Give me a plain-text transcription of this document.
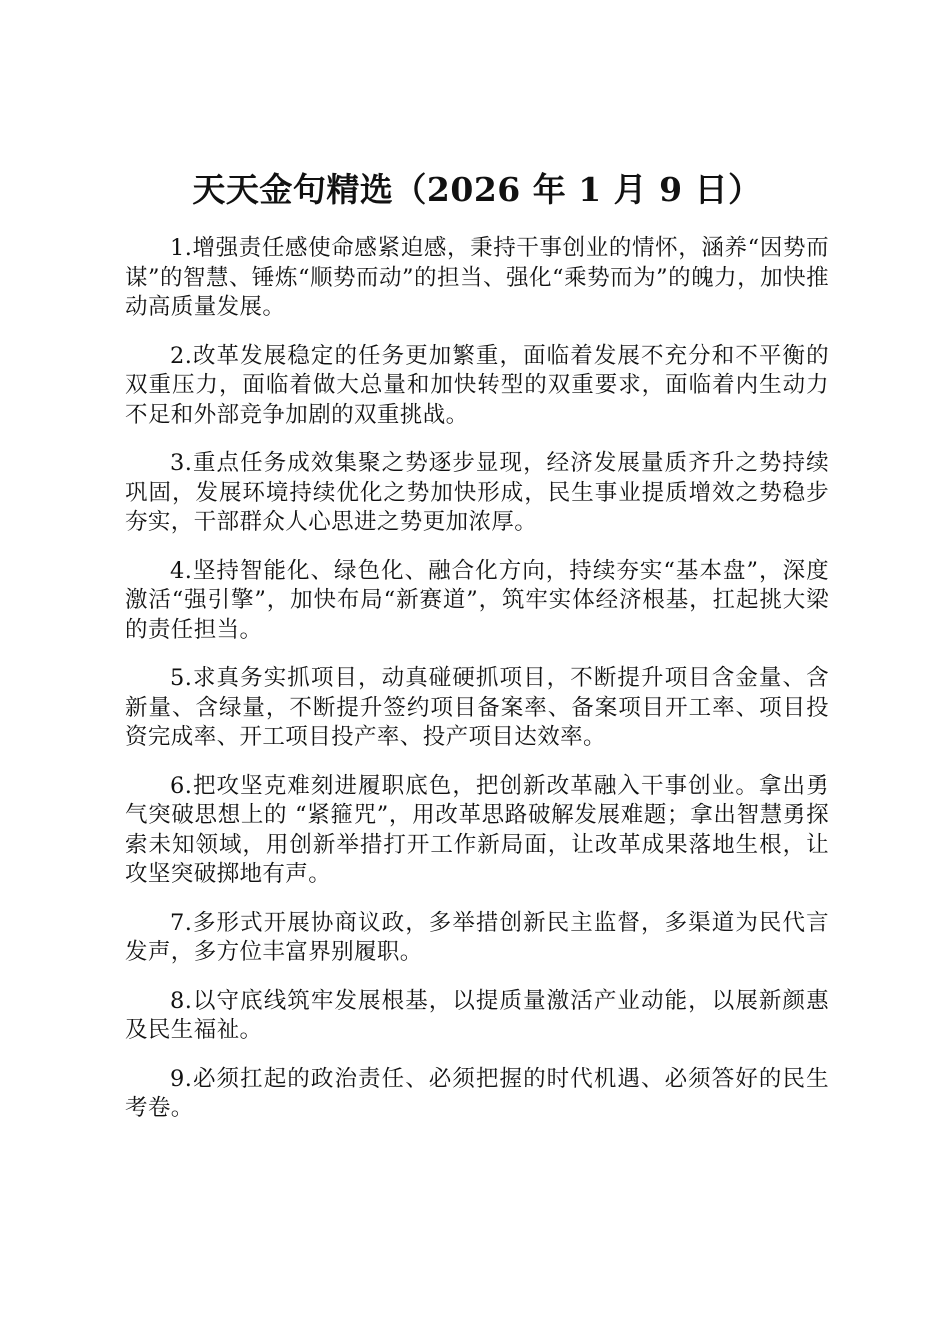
天天金句精选（2026 年 1 月 9 日）

1.增强责任感使命感紧迫感，秉持干事创业的情怀，涵养“因势而谋”的智慧、锤炼“顺势而动”的担当、强化“乘势而为”的魄力，加快推动高质量发展。

2.改革发展稳定的任务更加繁重，面临着发展不充分和不平衡的双重压力，面临着做大总量和加快转型的双重要求，面临着内生动力不足和外部竞争加剧的双重挑战。

3.重点任务成效集聚之势逐步显现，经济发展量质齐升之势持续巩固，发展环境持续优化之势加快形成，民生事业提质增效之势稳步夯实，干部群众人心思进之势更加浓厚。

4.坚持智能化、绿色化、融合化方向，持续夯实“基本盘”，深度激活“强引擎”，加快布局“新赛道”，筑牢实体经济根基，扛起挑大梁的责任担当。

5.求真务实抓项目，动真碰硬抓项目，不断提升项目含金量、含新量、含绿量，不断提升签约项目备案率、备案项目开工率、项目投资完成率、开工项目投产率、投产项目达效率。

6.把攻坚克难刻进履职底色，把创新改革融入干事创业。拿出勇气突破思想上的 “紧箍咒”，用改革思路破解发展难题；拿出智慧勇探索未知领域，用创新举措打开工作新局面，让改革成果落地生根，让攻坚突破掷地有声。

7.多形式开展协商议政，多举措创新民主监督，多渠道为民代言发声，多方位丰富界别履职。

8.以守底线筑牢发展根基，以提质量激活产业动能，以展新颜惠及民生福祉。

9.必须扛起的政治责任、必须把握的时代机遇、必须答好的民生考卷。
